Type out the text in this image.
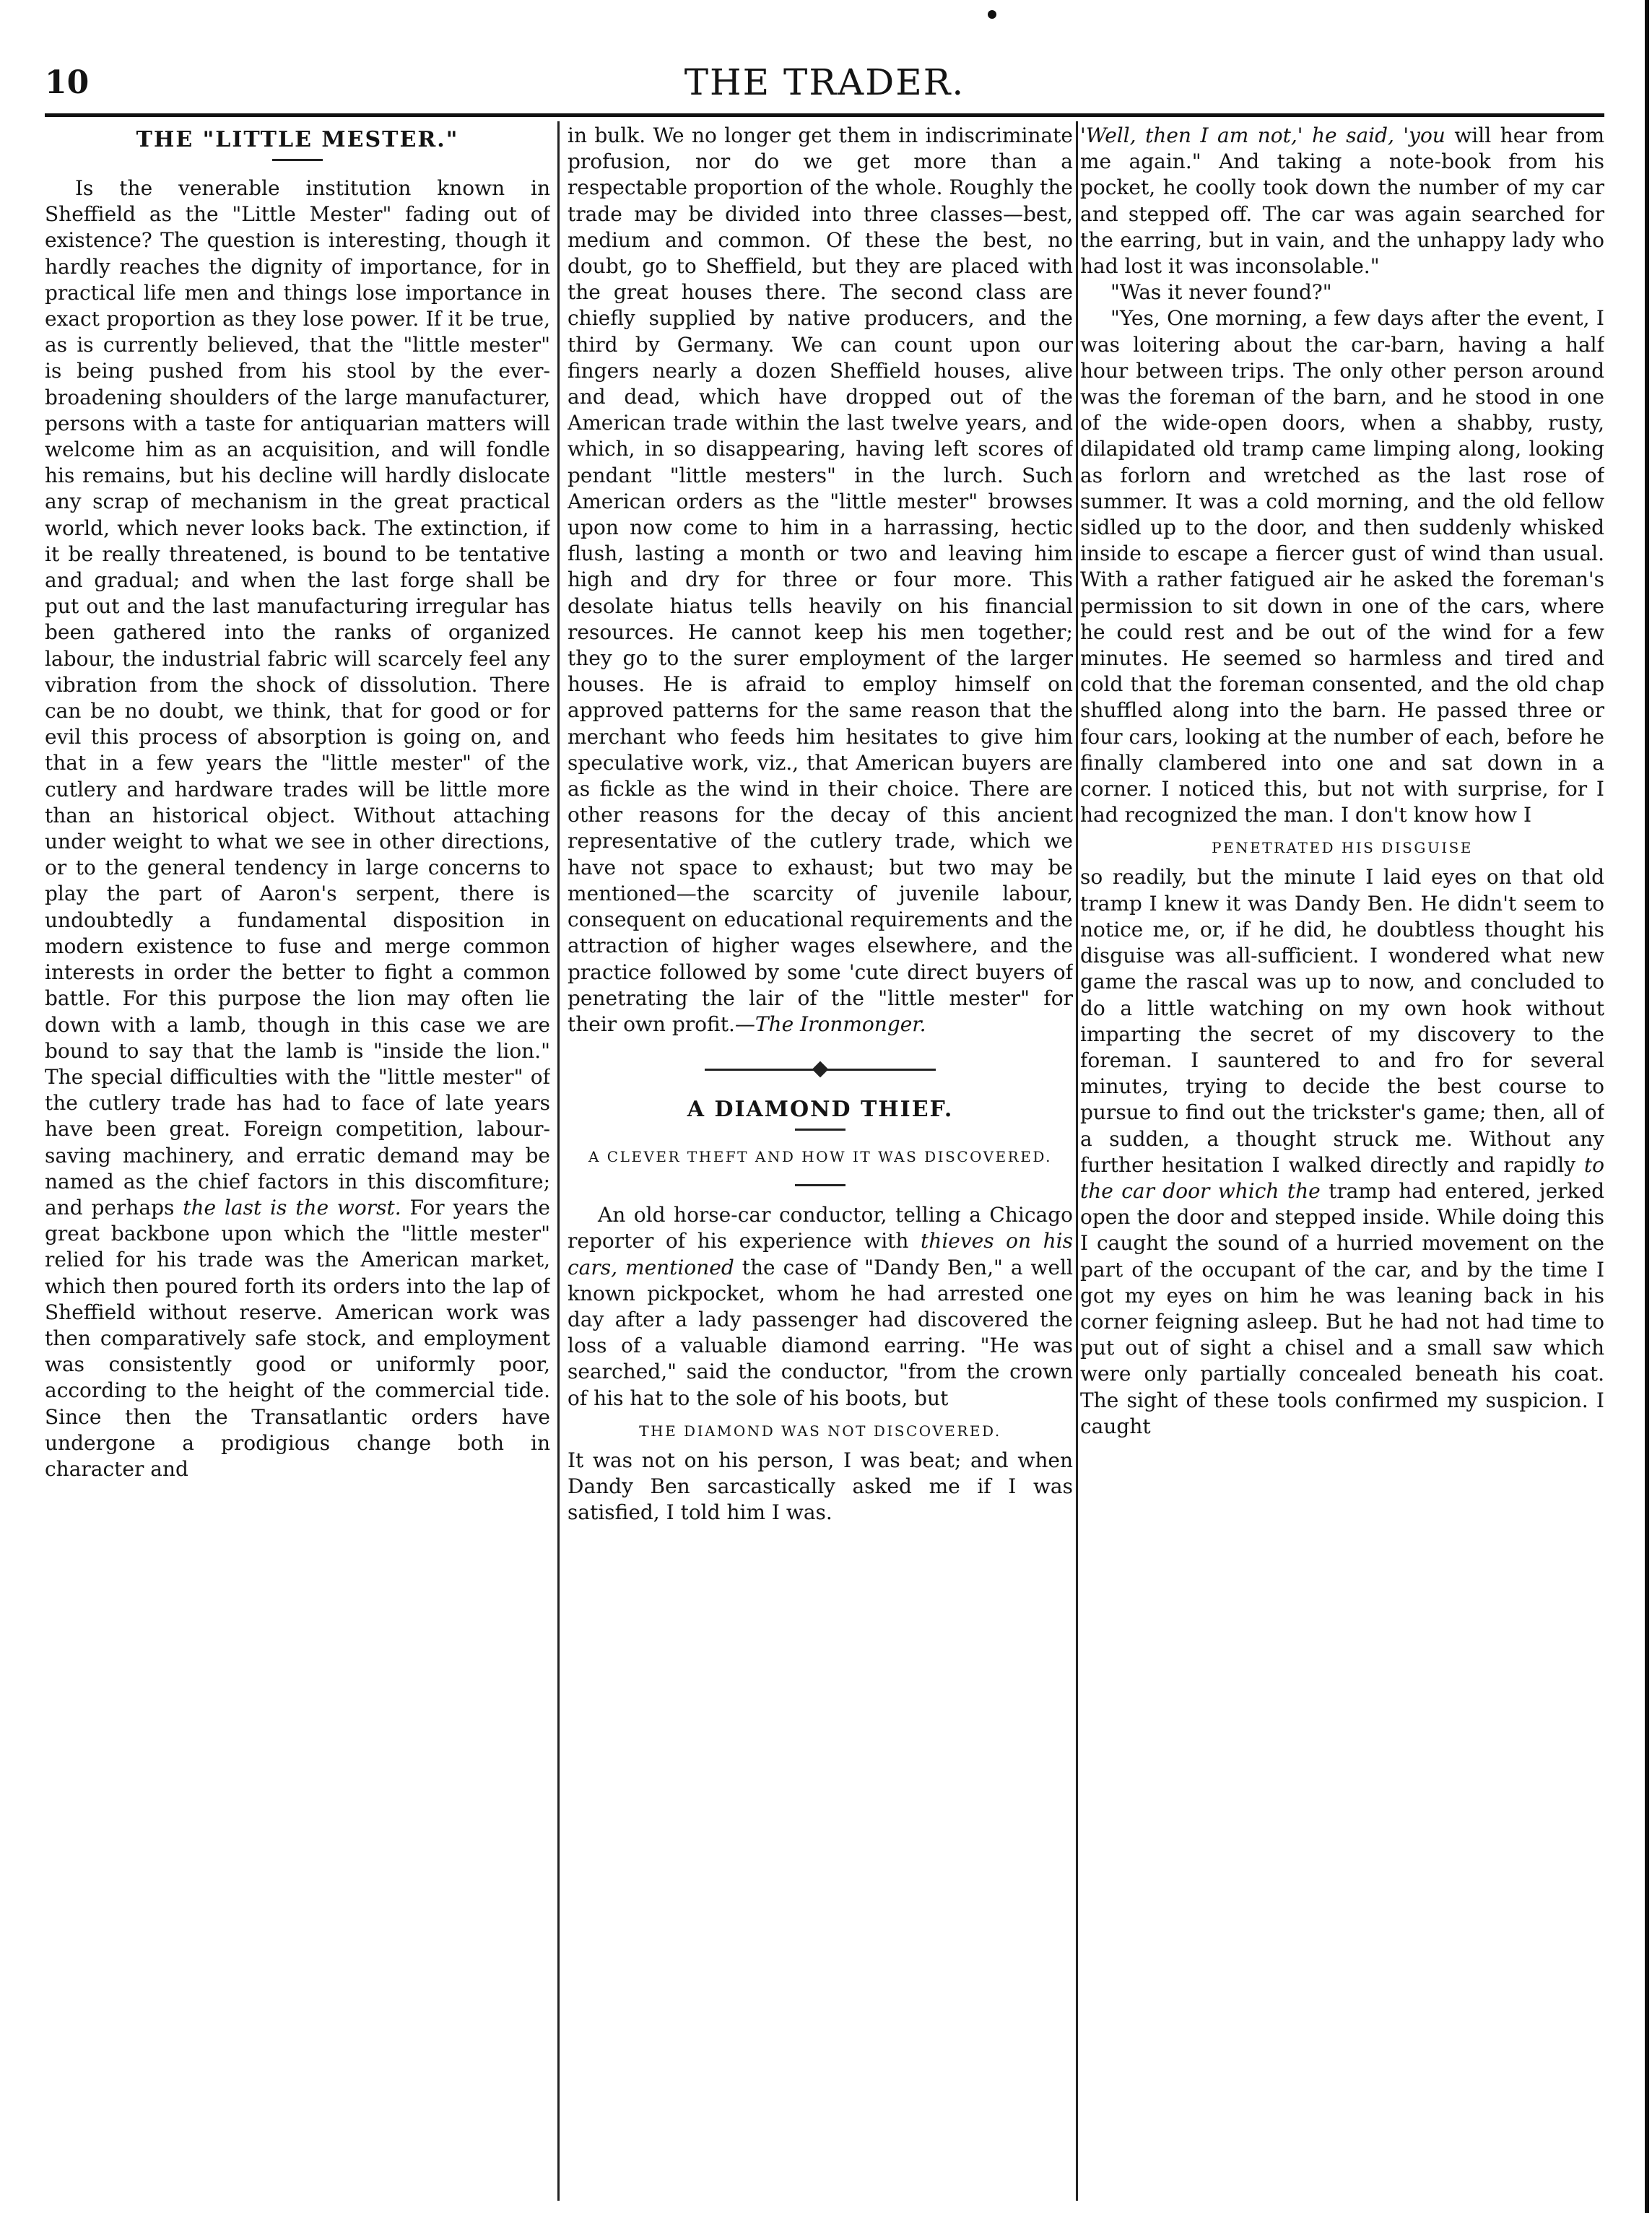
10	THE TRADER.
THE "LITTLE MESTER."

Is the venerable institution known in Sheffield as the "Little Mester" fading out of existence? The question is interesting, though it hardly reaches the dignity of importance, for in practical life men and things lose importance in exact proportion as they lose power. If it be true, as is currently believed, that the "little mester" is being pushed from his stool by the ever-broadening shoulders of the large manufacturer, persons with a taste for antiquarian matters will welcome him as an acquisition, and will fondle his remains, but his decline will hardly dislocate any scrap of mechanism in the great practical world, which never looks back. The extinction, if it be really threatened, is bound to be tentative and gradual; and when the last forge shall be put out and the last manufacturing irregular has been gathered into the ranks of organized labour, the industrial fabric will scarcely feel any vibration from the shock of dissolution. There can be no doubt, we think, that for good or for evil this process of absorption is going on, and that in a few years the "little mester" of the cutlery and hardware trades will be little more than an historical object. Without attaching under weight to what we see in other directions, or to the general tendency in large concerns to play the part of Aaron's serpent, there is undoubtedly a fundamental disposition in modern existence to fuse and merge common interests in order the better to fight a common battle. For this purpose the lion may often lie down with a lamb, though in this case we are bound to say that the lamb is "inside the lion." The special difficulties with the "little mester" of the cutlery trade has had to face of late years have been great. Foreign competition, labour-saving machinery, and erratic demand may be named as the chief factors in this discomfiture; and perhaps the last is the worst. For years the great backbone upon which the "little mester" relied for his trade was the American market, which then poured forth its orders into the lap of Sheffield without reserve. American work was then comparatively safe stock, and employment was consistently good or uniformly poor, according to the height of the commercial tide. Since then the Transatlantic orders have undergone a prodigious change both in character and

in bulk. We no longer get them in indiscriminate profusion, nor do we get more than a respectable proportion of the whole. Roughly the trade may be divided into three classes—best, medium and common. Of these the best, no doubt, go to Sheffield, but they are placed with the great houses there. The second class are chiefly supplied by native producers, and the third by Germany. We can count upon our fingers nearly a dozen Sheffield houses, alive and dead, which have dropped out of the American trade within the last twelve years, and which, in so disappearing, having left scores of pendant "little mesters" in the lurch. Such American orders as the "little mester" browses upon now come to him in a harrassing, hectic flush, lasting a month or two and leaving him high and dry for three or four more. This desolate hiatus tells heavily on his financial resources. He cannot keep his men together; they go to the surer employment of the larger houses. He is afraid to employ himself on approved patterns for the same reason that the merchant who feeds him hesitates to give him speculative work, viz., that American buyers are as fickle as the wind in their choice. There are other reasons for the decay of this ancient representative of the cutlery trade, which we have not space to exhaust; but two may be mentioned—the scarcity of juvenile labour, consequent on educational requirements and the attraction of higher wages elsewhere, and the practice followed by some 'cute direct buyers of penetrating the lair of the "little mester" for their own profit.—The Ironmonger.

A DIAMOND THIEF.
A CLEVER THEFT AND HOW IT WAS DISCOVERED.

An old horse-car conductor, telling a Chicago reporter of his experience with thieves on his cars, mentioned the case of "Dandy Ben," a well known pickpocket, whom he had arrested one day after a lady passenger had discovered the loss of a valuable diamond earring. "He was searched," said the conductor, "from the crown of his hat to the sole of his boots, but

THE DIAMOND WAS NOT DISCOVERED.

It was not on his person, I was beat; and when Dandy Ben sarcastically asked me if I was satisfied, I told him I was.

'Well, then I am not,' he said, 'you will hear from me again." And taking a note-book from his pocket, he coolly took down the number of my car and stepped off. The car was again searched for the earring, but in vain, and the unhappy lady who had lost it was inconsolable."

"Was it never found?"

"Yes, One morning, a few days after the event, I was loitering about the car-barn, having a half hour between trips. The only other person around was the foreman of the barn, and he stood in one of the wide-open doors, when a shabby, rusty, dilapidated old tramp came limping along, looking as forlorn and wretched as the last rose of summer. It was a cold morning, and the old fellow sidled up to the door, and then suddenly whisked inside to escape a fiercer gust of wind than usual. With a rather fatigued air he asked the foreman's permission to sit down in one of the cars, where he could rest and be out of the wind for a few minutes. He seemed so harmless and tired and cold that the foreman consented, and the old chap shuffled along into the barn. He passed three or four cars, looking at the number of each, before he finally clambered into one and sat down in a corner. I noticed this, but not with surprise, for I had recognized the man. I don't know how I

PENETRATED HIS DISGUISE

so readily, but the minute I laid eyes on that old tramp I knew it was Dandy Ben. He didn't seem to notice me, or, if he did, he doubtless thought his disguise was all-sufficient. I wondered what new game the rascal was up to now, and concluded to do a little watching on my own hook without imparting the secret of my discovery to the foreman. I sauntered to and fro for several minutes, trying to decide the best course to pursue to find out the trickster's game; then, all of a sudden, a thought struck me. Without any further hesitation I walked directly and rapidly to the car door which the tramp had entered, jerked open the door and stepped inside. While doing this I caught the sound of a hurried movement on the part of the occupant of the car, and by the time I got my eyes on him he was leaning back in his corner feigning asleep. But he had not had time to put out of sight a chisel and a small saw which were only partially concealed beneath his coat. The sight of these tools confirmed my suspicion. I caught
